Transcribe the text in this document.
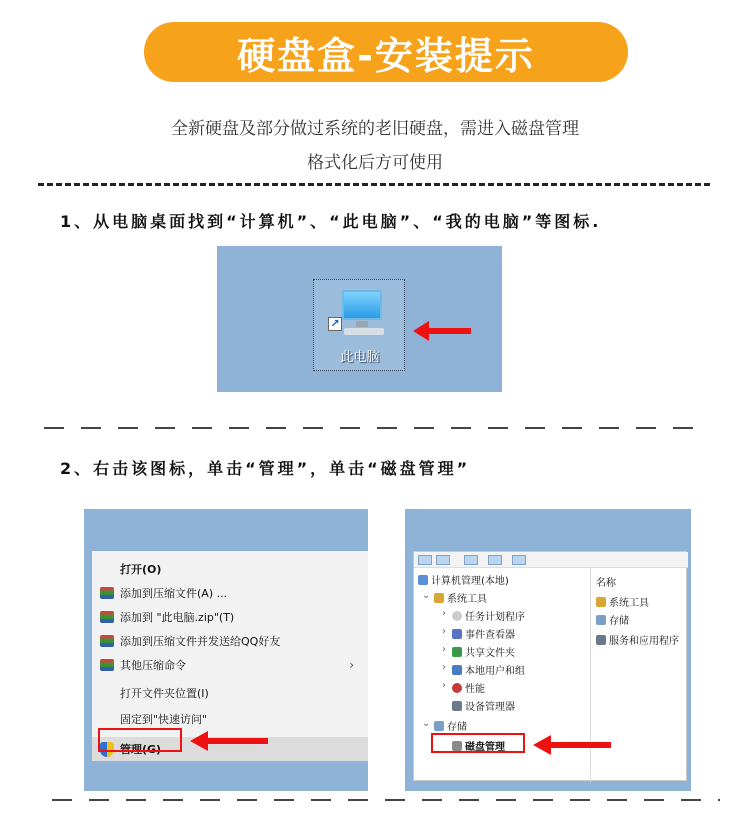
硬盘盒-安装提示
全新硬盘及部分做过系统的老旧硬盘，需进入磁盘管理
格式化后方可使用
1、从电脑桌面找到“计算机”、“此电脑”、“我的电脑”等图标.
↗
此电脑
2、右击该图标，单击“管理”，单击“磁盘管理”
打开(O)
添加到压缩文件(A) ...
添加到 "此电脑.zip"(T)
添加到压缩文件并发送给QQ好友
其他压缩命令	›
打开文件夹位置(I)
固定到"快速访问"
管理(G)
计算机管理(本地)
⌄	系统工具
›	任务计划程序
›	事件查看器
›	共享文件夹
›	本地用户和组
›	性能
设备管理器
⌄	存储
磁盘管理
名称
系统工具
存储
服务和应用程序
